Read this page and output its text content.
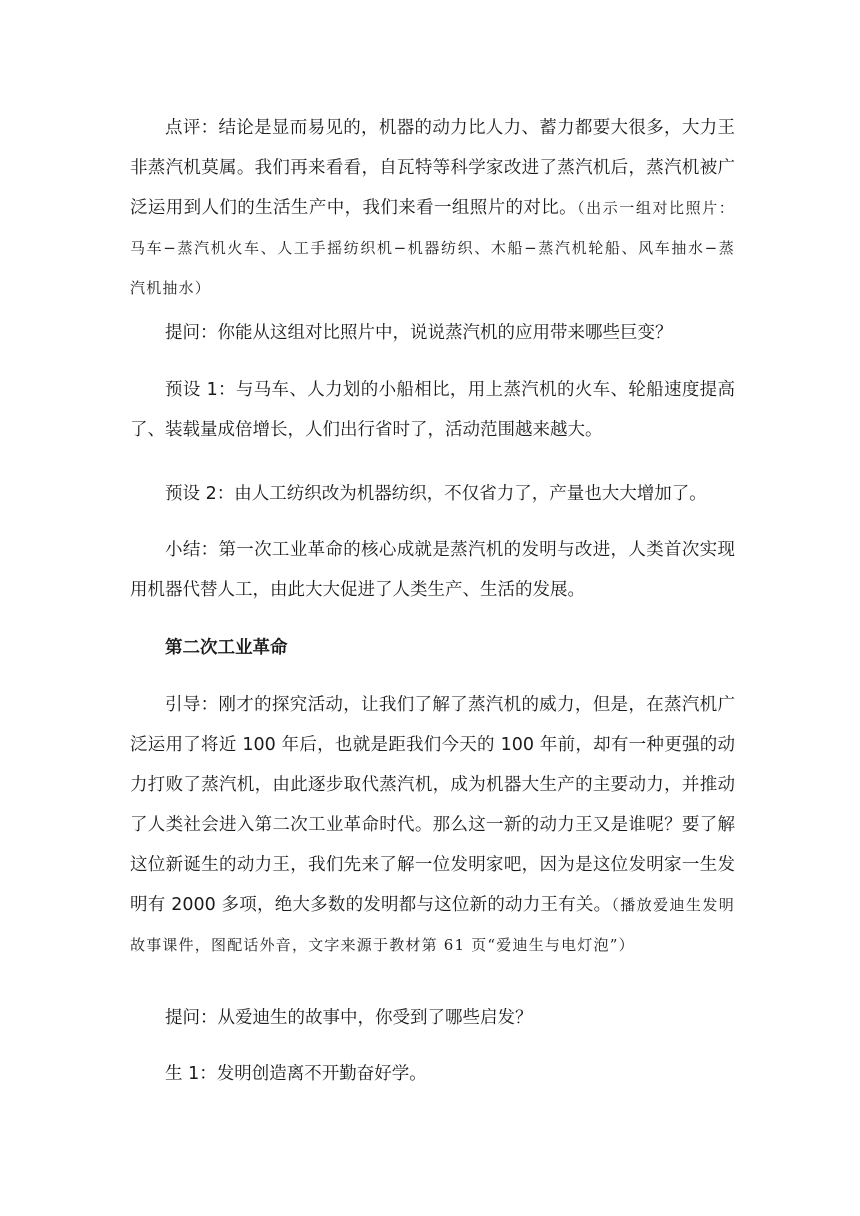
点评：结论是显而易见的，机器的动力比人力、蓄力都要大很多，大力王非蒸汽机莫属。我们再来看看，自瓦特等科学家改进了蒸汽机后，蒸汽机被广泛运用到人们的生活生产中，我们来看一组照片的对比。（出示一组对比照片：马车−蒸汽机火车、人工手摇纺织机−机器纺织、木船−蒸汽机轮船、风车抽水−蒸汽机抽水）

提问：你能从这组对比照片中，说说蒸汽机的应用带来哪些巨变？

预设 1：与马车、人力划的小船相比，用上蒸汽机的火车、轮船速度提高了、装载量成倍增长，人们出行省时了，活动范围越来越大。

预设 2：由人工纺织改为机器纺织，不仅省力了，产量也大大增加了。

小结：第一次工业革命的核心成就是蒸汽机的发明与改进，人类首次实现用机器代替人工，由此大大促进了人类生产、生活的发展。

第二次工业革命

引导：刚才的探究活动，让我们了解了蒸汽机的威力，但是，在蒸汽机广泛运用了将近 100 年后，也就是距我们今天的 100 年前，却有一种更强的动力打败了蒸汽机，由此逐步取代蒸汽机，成为机器大生产的主要动力，并推动了人类社会进入第二次工业革命时代。那么这一新的动力王又是谁呢？要了解这位新诞生的动力王，我们先来了解一位发明家吧，因为是这位发明家一生发明有 2000 多项，绝大多数的发明都与这位新的动力王有关。（播放爱迪生发明故事课件，图配话外音，文字来源于教材第 61 页“爱迪生与电灯泡”）

提问：从爱迪生的故事中，你受到了哪些启发？

生 1：发明创造离不开勤奋好学。
